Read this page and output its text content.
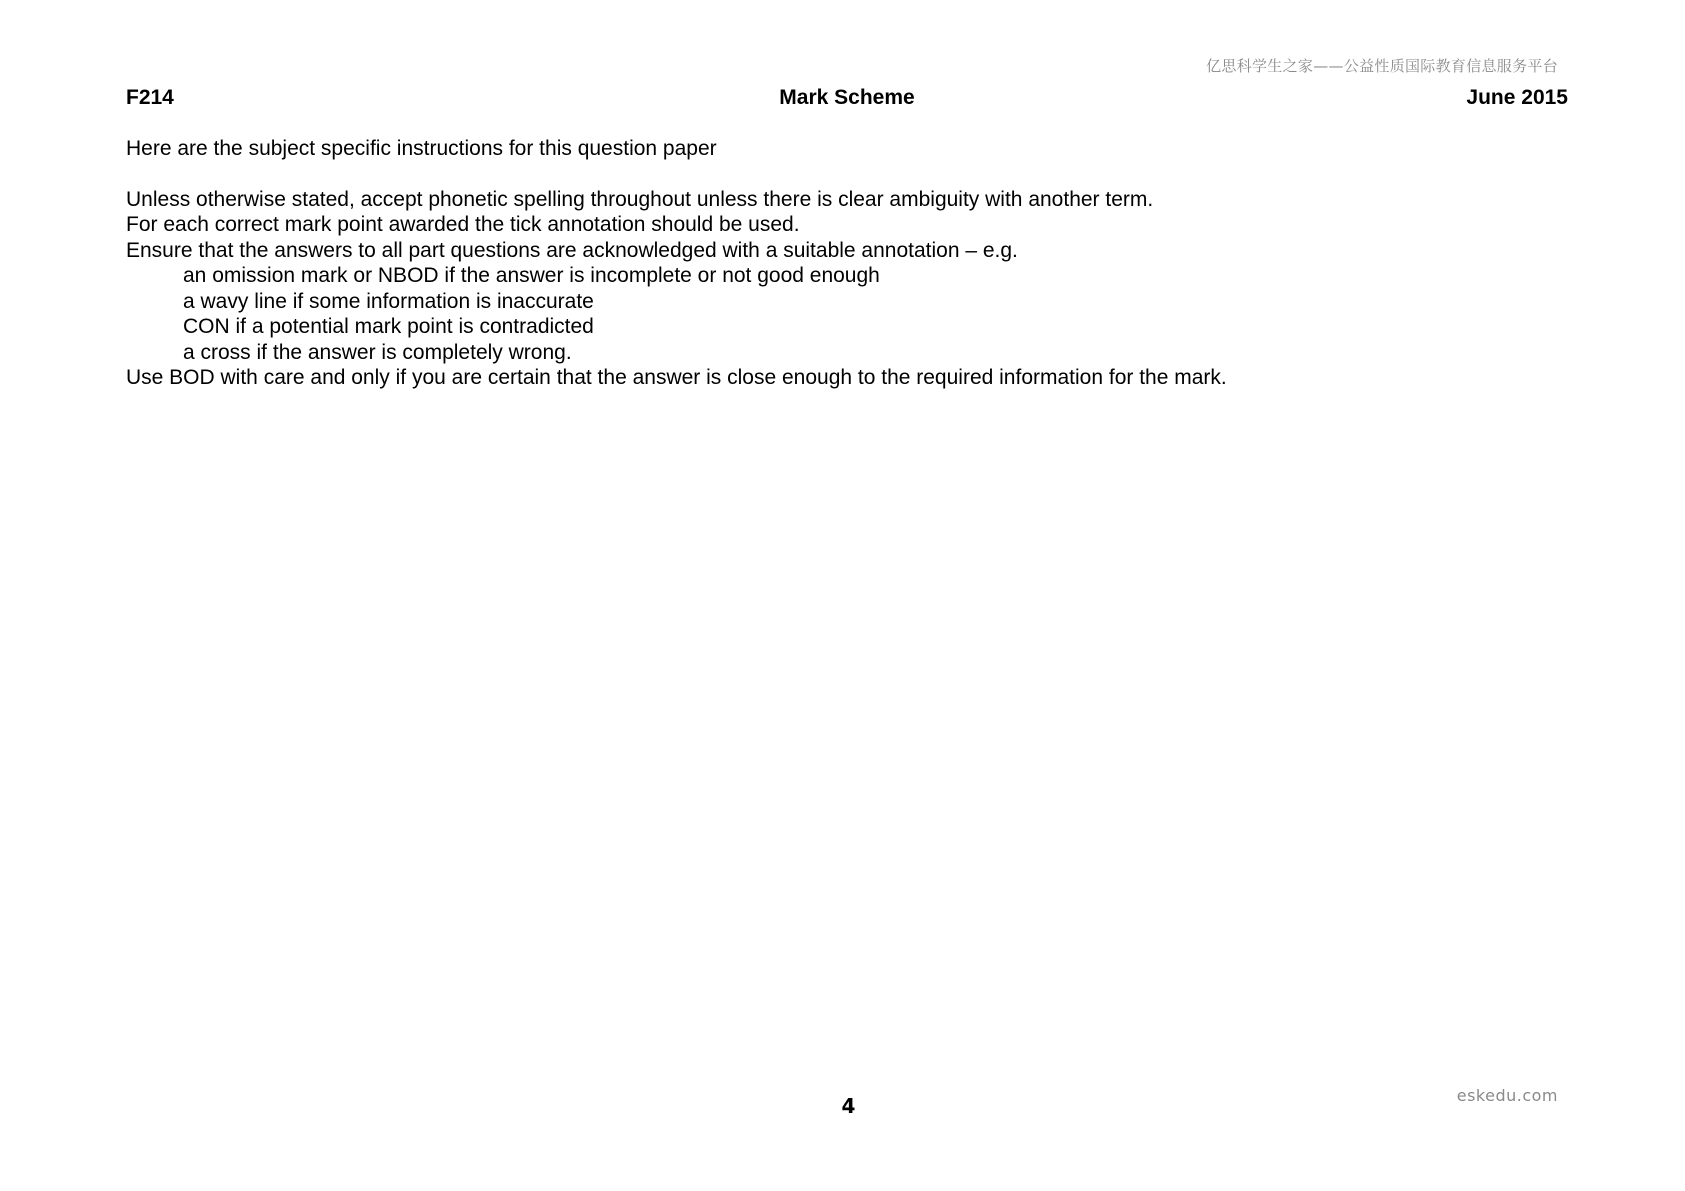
亿思科学生之家——公益性质国际教育信息服务平台
F214	Mark Scheme	June 2015

Here are the subject specific instructions for this question paper

Unless otherwise stated, accept phonetic spelling throughout unless there is clear ambiguity with another term.

For each correct mark point awarded the tick annotation should be used.

Ensure that the answers to all part questions are acknowledged with a suitable annotation – e.g.

an omission mark or NBOD if the answer is incomplete or not good enough

a wavy line if some information is inaccurate

CON if a potential mark point is contradicted

a cross if the answer is completely wrong.

Use BOD with care and only if you are certain that the answer is close enough to the required information for the mark.

4	eskedu.com
